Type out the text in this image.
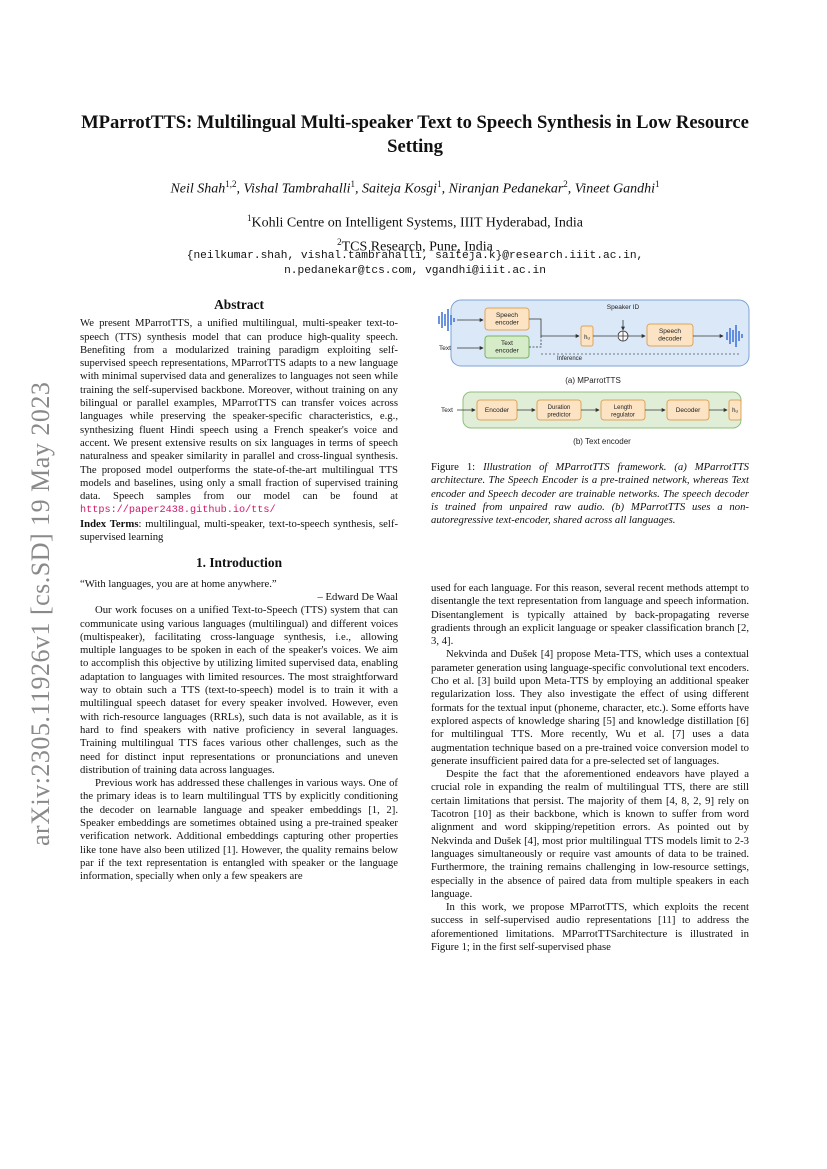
arXiv:2305.11926v1 [cs.SD] 19 May 2023
MParrotTTS: Multilingual Multi-speaker Text to Speech Synthesis in Low Resource Setting
Neil Shah$^{1,2}$, Vishal Tambrahalli$^1$, Saiteja Kosgi$^1$, Niranjan Pedanekar$^2$, Vineet Gandhi$^1$
$^1$Kohli Centre on Intelligent Systems, IIIT Hyderabad, India
$^2$TCS Research, Pune, India
{neilkumar.shah, vishal.tambrahalli, saiteja.k}@research.iiit.ac.in,
n.pedanekar@tcs.com, vgandhi@iiit.ac.in
Abstract

We present MParrotTTS, a unified multilingual, multi-speaker text-to-speech (TTS) synthesis model that can produce high-quality speech. Benefiting from a modularized training paradigm exploiting self-supervised speech representations, MParrotTTS adapts to a new language with minimal supervised data and generalizes to languages not seen while training the self-supervised backbone. Moreover, without training on any bilingual or parallel examples, MParrotTTS can transfer voices across languages while preserving the speaker-specific characteristics, e.g., synthesizing fluent Hindi speech using a French speaker's voice and accent. We present extensive results on six languages in terms of speech naturalness and speaker similarity in parallel and cross-lingual synthesis. The proposed model outperforms the state-of-the-art multilingual TTS models and baselines, using only a small fraction of supervised training data. Speech samples from our model can be found at https://paper2438.github.io/tts/

Index Terms: multilingual, multi-speaker, text-to-speech synthesis, self-supervised learning

1. Introduction

“With languages, you are at home anywhere.”

– Edward De Waal

Our work focuses on a unified Text-to-Speech (TTS) system that can communicate using various languages (multilingual) and different voices (multispeaker), facilitating cross-language synthesis, i.e., allowing multiple languages to be spoken in each of the speaker's voices. We aim to accomplish this objective by utilizing limited supervised data, enabling adaptation to languages with limited resources. The most straightforward way to obtain such a TTS (text-to-speech) model is to train it with a multilingual speech dataset for every speaker involved. However, even with rich-resource languages (RRLs), such data is not available, as it is hard to find speakers with native proficiency in several languages. Training multilingual TTS faces various other challenges, such as the need for distinct input representations or pronunciations and uneven distribution of training data across languages.

Previous work has addressed these challenges in various ways. One of the primary ideas is to learn multilingual TTS by explicitly conditioning the decoder on learnable language and speaker embeddings [1, 2]. Speaker embeddings are sometimes obtained using a pre-trained speaker verification network. Additional embeddings capturing other properties like tone have also been utilized [1]. However, the quality remains below par if the text representation is entangled with speaker or the language information, specially when only a few speakers are

Speech encoder
Text
Text encoder
hᵤ
Speaker ID
Speech decoder
Inference
(a) MParrotTTS
Text	Encoder	Duration predictor
Length regulator
Decoder	hᵤ
(b) Text encoder
Figure 1: Illustration of MParrotTTS framework. (a) MParrotTTS architecture. The Speech Encoder is a pre-trained network, whereas Text encoder and Speech decoder are trainable networks. The speech decoder is trained from unpaired raw audio. (b) MParrotTTS uses a non-autoregressive text-encoder, shared across all languages.

used for each language. For this reason, several recent methods attempt to disentangle the text representation from language and speech information. Disentanglement is typically attained by back-propagating reverse gradients through an explicit language or speaker classification branch [2, 3, 4].

Nekvinda and Dušek [4] propose Meta-TTS, which uses a contextual parameter generation using language-specific convolutional text encoders. Cho et al. [3] build upon Meta-TTS by employing an additional speaker regularization loss. They also investigate the effect of using different formats for the textual input (phoneme, character, etc.). Some efforts have explored aspects of knowledge sharing [5] and knowledge distillation [6] for multilingual TTS. More recently, Wu et al. [7] uses a data augmentation technique based on a pre-trained voice conversion model to generate insufficient paired data for a pre-selected set of languages.

Despite the fact that the aforementioned endeavors have played a crucial role in expanding the realm of multilingual TTS, there are still certain limitations that persist. The majority of them [4, 8, 2, 9] rely on Tacotron [10] as their backbone, which is known to suffer from word alignment and word skipping/repetition errors. As pointed out by Nekvinda and Dušek [4], most prior multilingual TTS models limit to 2-3 languages simultaneously or require vast amounts of data to be trained. Furthermore, the training remains challenging in low-resource settings, especially in the absence of paired data from multiple speakers in each language.

In this work, we propose MParrotTTS, which exploits the recent success in self-supervised audio representations [11] to address the aforementioned limitations. MParrotTTSarchitecture is illustrated in Figure 1; in the first self-supervised phase
